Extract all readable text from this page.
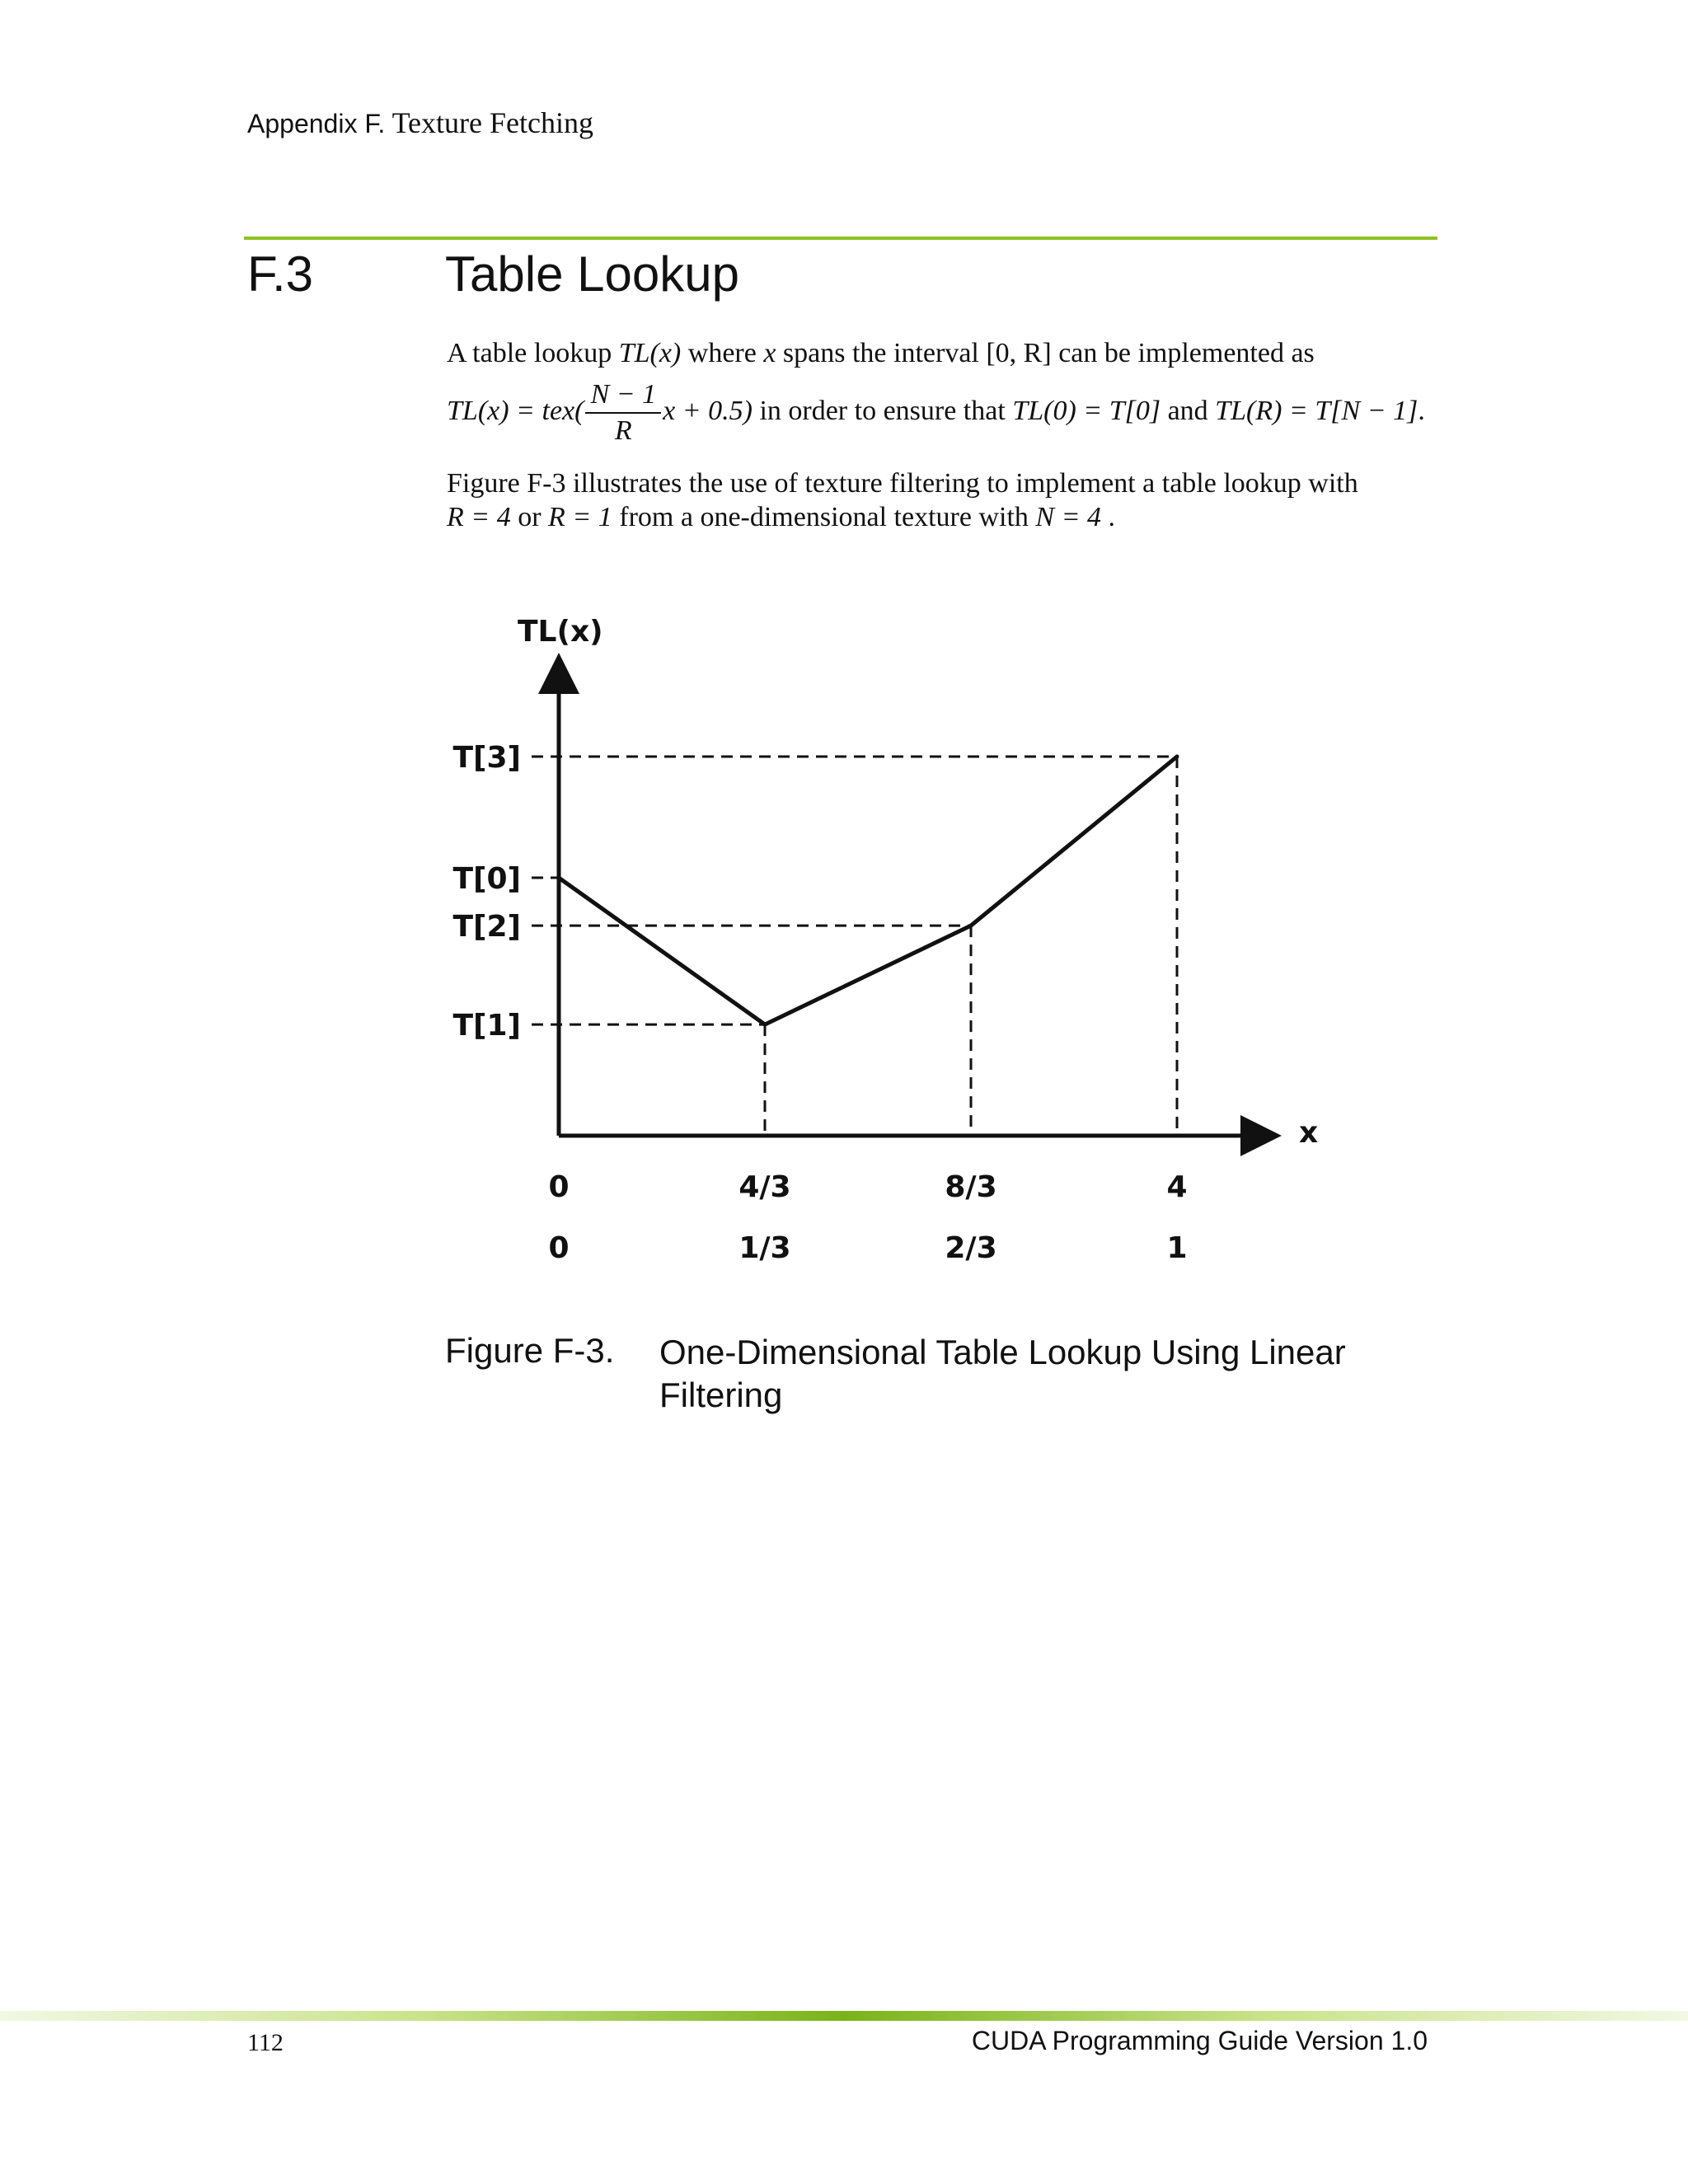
Appendix F. Texture Fetching
F.3	Table Lookup
A table lookup TL(x) where x spans the interval [0, R] can be implemented as
$TL(x) = tex( \frac{N - 1}{R}$ x + 0.5) in order to ensure that TL(0) = T[0] and TL(R) = T[N − 1].
Figure F-3 illustrates the use of texture filtering to implement a table lookup with
R = 4 or R = 1 from a one-dimensional texture with N = 4 .
TL(x)
x
T[3]
T[0]
T[2]
T[1]
0
0
4/3
1/3
8/3
2/3
4
1
Figure F-3. One-Dimensional Table Lookup Using Linear Filtering
112	CUDA Programming Guide Version 1.0
